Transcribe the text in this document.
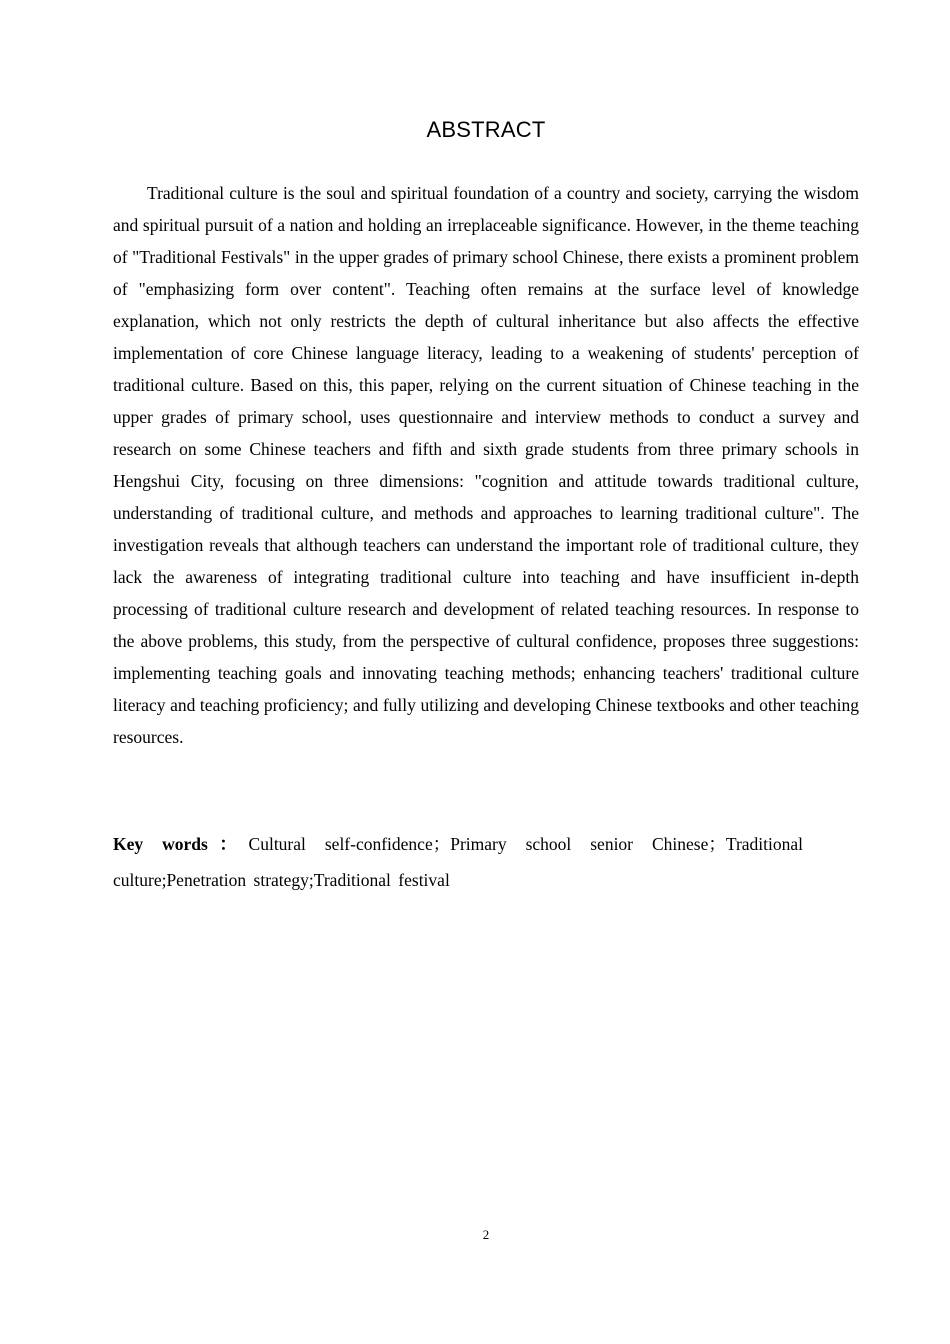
ABSTRACT

Traditional culture is the soul and spiritual foundation of a country and society, carrying the wisdom and spiritual pursuit of a nation and holding an irreplaceable significance. However, in the theme teaching of "Traditional Festivals" in the upper grades of primary school Chinese, there exists a prominent problem of "emphasizing form over content". Teaching often remains at the surface level of knowledge explanation, which not only restricts the depth of cultural inheritance but also affects the effective implementation of core Chinese language literacy, leading to a weakening of students' perception of traditional culture. Based on this, this paper, relying on the current situation of Chinese teaching in the upper grades of primary school, uses questionnaire and interview methods to conduct a survey and research on some Chinese teachers and fifth and sixth grade students from three primary schools in Hengshui City, focusing on three dimensions: "cognition and attitude towards traditional culture, understanding of traditional culture, and methods and approaches to learning traditional culture". The investigation reveals that although teachers can understand the important role of traditional culture, they lack the awareness of integrating traditional culture into teaching and have insufficient in-depth processing of traditional culture research and development of related teaching resources. In response to the above problems, this study, from the perspective of cultural confidence, proposes three suggestions: implementing teaching goals and innovating teaching methods; enhancing teachers' traditional culture literacy and teaching proficiency; and fully utilizing and developing Chinese textbooks and other teaching resources.

Key words：Cultural self-confidence；Primary school senior Chinese；Traditional culture;Penetration strategy;Traditional festival

2
